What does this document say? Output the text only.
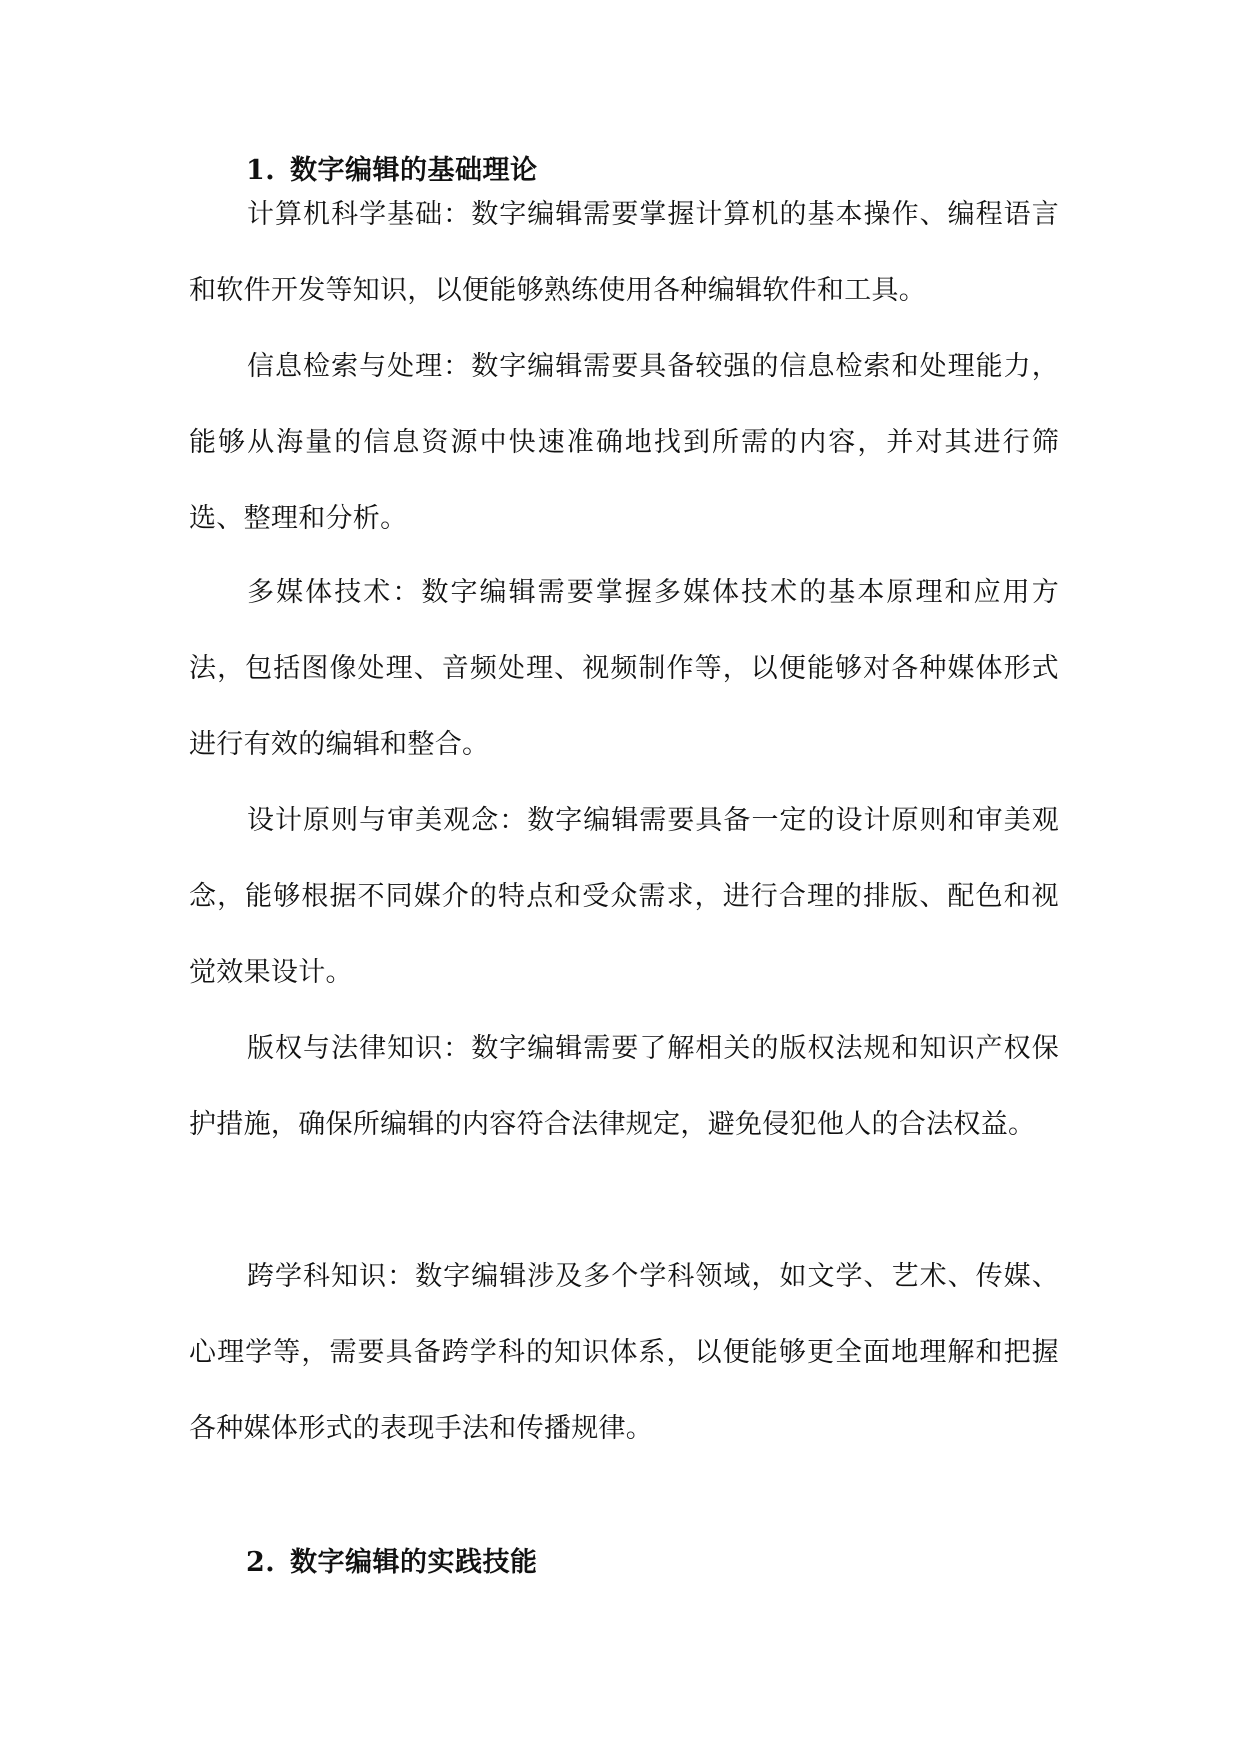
1. 数字编辑的基础理论

计算机科学基础：数字编辑需要掌握计算机的基本操作、编程语言和软件开发等知识，以便能够熟练使用各种编辑软件和工具。

信息检索与处理：数字编辑需要具备较强的信息检索和处理能力，能够从海量的信息资源中快速准确地找到所需的内容，并对其进行筛选、整理和分析。

多媒体技术：数字编辑需要掌握多媒体技术的基本原理和应用方法，包括图像处理、音频处理、视频制作等，以便能够对各种媒体形式进行有效的编辑和整合。

设计原则与审美观念：数字编辑需要具备一定的设计原则和审美观念，能够根据不同媒介的特点和受众需求，进行合理的排版、配色和视觉效果设计。

版权与法律知识：数字编辑需要了解相关的版权法规和知识产权保护措施，确保所编辑的内容符合法律规定，避免侵犯他人的合法权益。

跨学科知识：数字编辑涉及多个学科领域，如文学、艺术、传媒、心理学等，需要具备跨学科的知识体系，以便能够更全面地理解和把握各种媒体形式的表现手法和传播规律。

2. 数字编辑的实践技能
